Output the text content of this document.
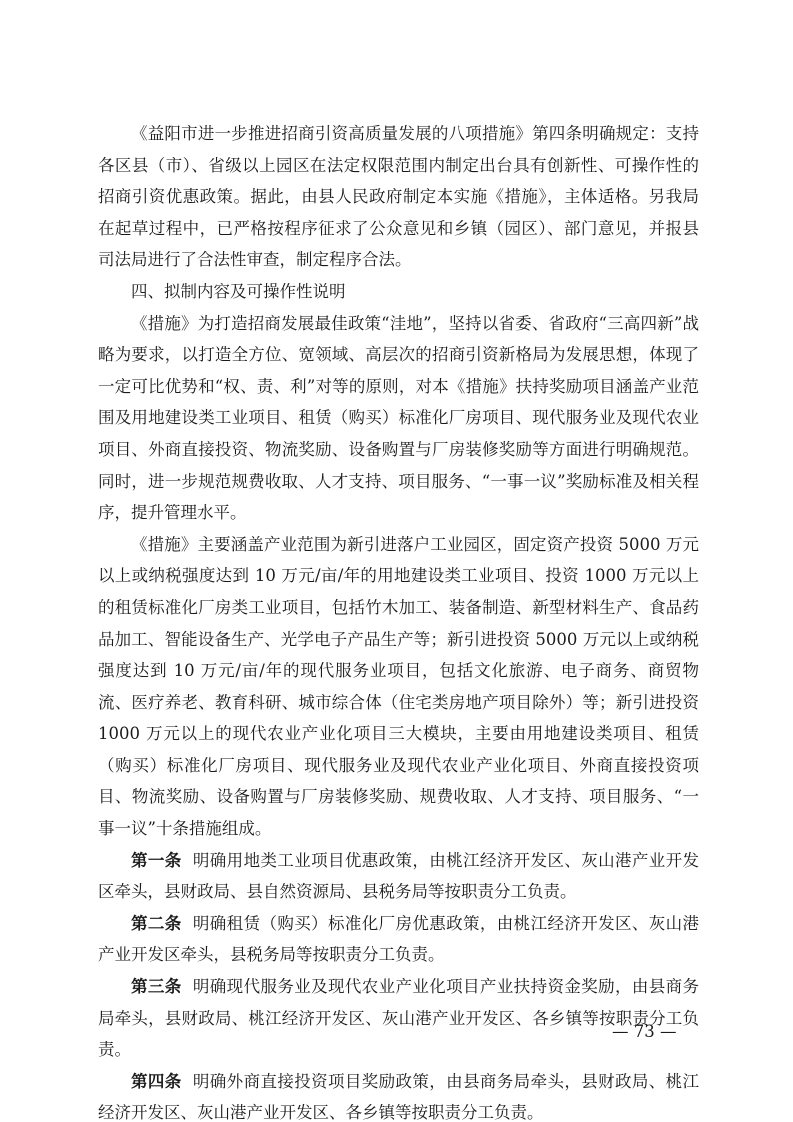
《益阳市进一步推进招商引资高质量发展的八项措施》第四条明确规定：支持各区县（市）、省级以上园区在法定权限范围内制定出台具有创新性、可操作性的招商引资优惠政策。据此，由县人民政府制定本实施《措施》，主体适格。另我局在起草过程中，已严格按程序征求了公众意见和乡镇（园区）、部门意见，并报县司法局进行了合法性审查，制定程序合法。

四、拟制内容及可操作性说明

《措施》为打造招商发展最佳政策“洼地”，坚持以省委、省政府“三高四新”战略为要求，以打造全方位、宽领域、高层次的招商引资新格局为发展思想，体现了一定可比优势和“权、责、利”对等的原则，对本《措施》扶持奖励项目涵盖产业范围及用地建设类工业项目、租赁（购买）标准化厂房项目、现代服务业及现代农业项目、外商直接投资、物流奖励、设备购置与厂房装修奖励等方面进行明确规范。同时，进一步规范规费收取、人才支持、项目服务、“一事一议”奖励标准及相关程序，提升管理水平。

《措施》主要涵盖产业范围为新引进落户工业园区，固定资产投资 5000 万元以上或纳税强度达到 10 万元/亩/年的用地建设类工业项目、投资 1000 万元以上的租赁标准化厂房类工业项目，包括竹木加工、装备制造、新型材料生产、食品药品加工、智能设备生产、光学电子产品生产等；新引进投资 5000 万元以上或纳税强度达到 10 万元/亩/年的现代服务业项目，包括文化旅游、电子商务、商贸物流、医疗养老、教育科研、城市综合体（住宅类房地产项目除外）等；新引进投资 1000 万元以上的现代农业产业化项目三大模块，主要由用地建设类项目、租赁（购买）标准化厂房项目、现代服务业及现代农业产业化项目、外商直接投资项目、物流奖励、设备购置与厂房装修奖励、规费收取、人才支持、项目服务、“一事一议”十条措施组成。

第一条 明确用地类工业项目优惠政策，由桃江经济开发区、灰山港产业开发区牵头，县财政局、县自然资源局、县税务局等按职责分工负责。

第二条 明确租赁（购买）标准化厂房优惠政策，由桃江经济开发区、灰山港产业开发区牵头，县税务局等按职责分工负责。

第三条 明确现代服务业及现代农业产业化项目产业扶持资金奖励，由县商务局牵头，县财政局、桃江经济开发区、灰山港产业开发区、各乡镇等按职责分工负责。

第四条 明确外商直接投资项目奖励政策，由县商务局牵头，县财政局、桃江经济开发区、灰山港产业开发区、各乡镇等按职责分工负责。

— 73 —
